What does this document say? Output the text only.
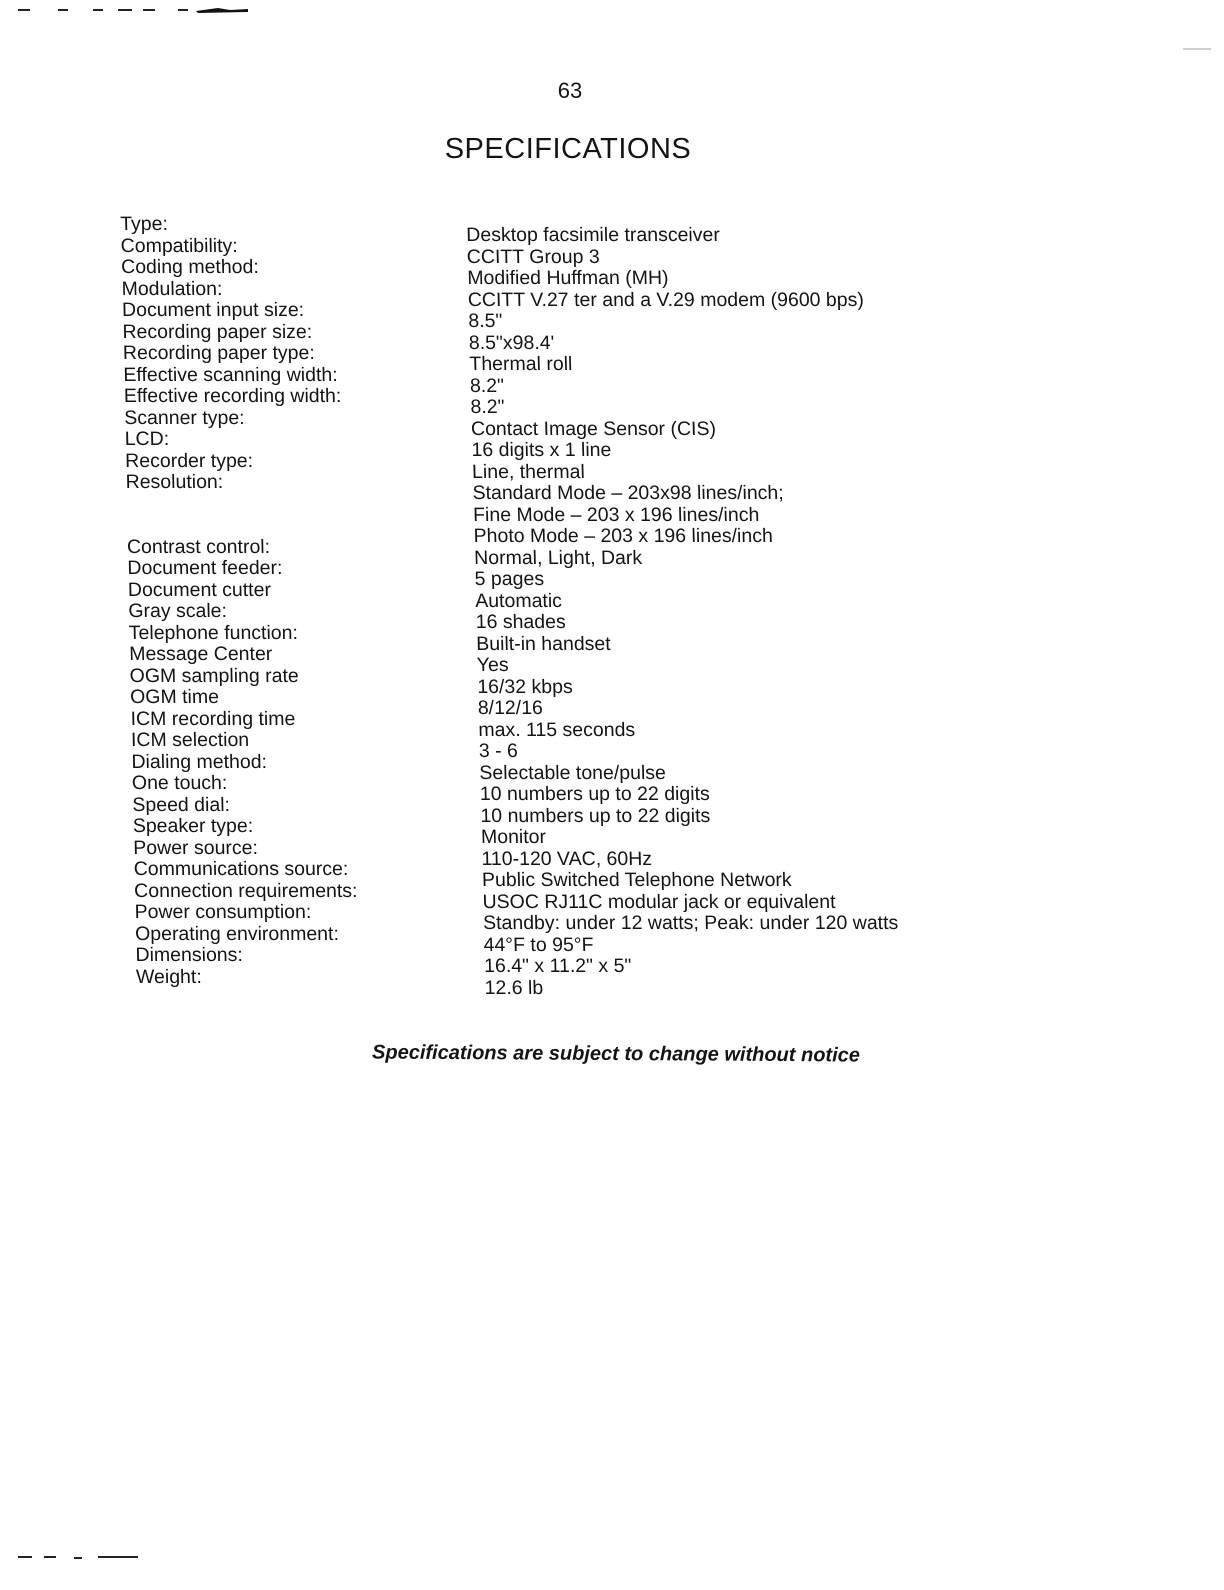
63
SPECIFICATIONS
Type:
Compatibility:
Coding method:
Modulation:
Document input size:
Recording paper size:
Recording paper type:
Effective scanning width:
Effective recording width:
Scanner type:
LCD:
Recorder type:
Resolution:
Contrast control:
Document feeder:
Document cutter
Gray scale:
Telephone function:
Message Center
OGM sampling rate
OGM time
ICM recording time
ICM selection
Dialing method:
One touch:
Speed dial:
Speaker type:
Power source:
Communications source:
Connection requirements:
Power consumption:
Operating environment:
Dimensions:
Weight:
Desktop facsimile transceiver
CCITT Group 3
Modified Huffman (MH)
CCITT V.27 ter and a V.29 modem (9600 bps)
8.5"
8.5"x98.4'
Thermal roll
8.2"
8.2"
Contact Image Sensor (CIS)
16 digits x 1 line
Line, thermal
Standard Mode – 203x98 lines/inch;
Fine Mode – 203 x 196 lines/inch
Photo Mode – 203 x 196 lines/inch
Normal, Light, Dark
5 pages
Automatic
16 shades
Built-in handset
Yes
16/32 kbps
8/12/16
max. 115 seconds
3 - 6
Selectable tone/pulse
10 numbers up to 22 digits
10 numbers up to 22 digits
Monitor
110-120 VAC, 60Hz
Public Switched Telephone Network
USOC RJ11C modular jack or equivalent
Standby: under 12 watts; Peak: under 120 watts
44°F to 95°F
16.4" x 11.2" x 5"
12.6 lb
Specifications are subject to change without notice
